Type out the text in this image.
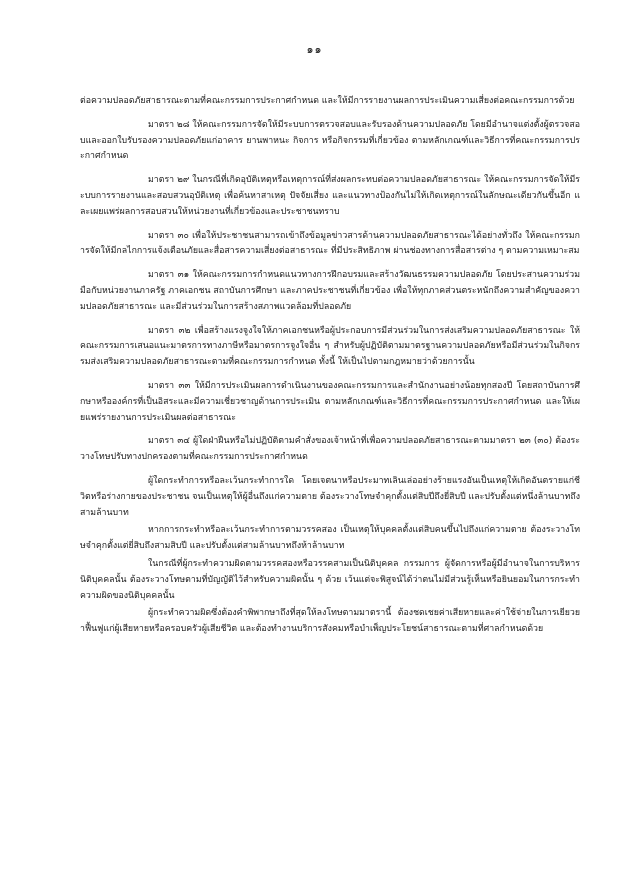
๑๑

ต่อความปลอดภัยสาธารณะตามที่คณะกรรมการประกาศกำหนด และให้มีการรายงานผลการประเมินความเสี่ยงต่อคณะกรรมการด้วย

มาตรา ๒๘ ให้คณะกรรมการจัดให้มีระบบการตรวจสอบและรับรองด้านความปลอดภัย โดยมีอำนาจแต่งตั้งผู้ตรวจสอบและออกใบรับรองความปลอดภัยแก่อาคาร ยานพาหนะ กิจการ หรือกิจกรรมที่เกี่ยวข้อง ตามหลักเกณฑ์และวิธีการที่คณะกรรมการประกาศกำหนด

มาตรา ๒๙ ในกรณีที่เกิดอุบัติเหตุหรือเหตุการณ์ที่ส่งผลกระทบต่อความปลอดภัยสาธารณะ ให้คณะกรรมการจัดให้มีระบบการรายงานและสอบสวนอุบัติเหตุ เพื่อค้นหาสาเหตุ ปัจจัยเสี่ยง และแนวทางป้องกันไม่ให้เกิดเหตุการณ์ในลักษณะเดียวกันขึ้นอีก และเผยแพร่ผลการสอบสวนให้หน่วยงานที่เกี่ยวข้องและประชาชนทราบ

มาตรา ๓๐ เพื่อให้ประชาชนสามารถเข้าถึงข้อมูลข่าวสารด้านความปลอดภัยสาธารณะได้อย่างทั่วถึง ให้คณะกรรมการจัดให้มีกลไกการแจ้งเตือนภัยและสื่อสารความเสี่ยงต่อสาธารณะ ที่มีประสิทธิภาพ ผ่านช่องทางการสื่อสารต่าง ๆ ตามความเหมาะสม

มาตรา ๓๑ ให้คณะกรรมการกำหนดแนวทางการฝึกอบรมและสร้างวัฒนธรรมความปลอดภัย โดยประสานความร่วมมือกับหน่วยงานภาครัฐ ภาคเอกชน สถาบันการศึกษา และภาคประชาชนที่เกี่ยวข้อง เพื่อให้ทุกภาคส่วนตระหนักถึงความสำคัญของความปลอดภัยสาธารณะ และมีส่วนร่วมในการสร้างสภาพแวดล้อมที่ปลอดภัย

มาตรา ๓๒ เพื่อสร้างแรงจูงใจให้ภาคเอกชนหรือผู้ประกอบการมีส่วนร่วมในการส่งเสริมความปลอดภัยสาธารณะ ให้คณะกรรมการเสนอแนะมาตรการทางภาษีหรือมาตรการจูงใจอื่น ๆ สำหรับผู้ปฏิบัติตามมาตรฐานความปลอดภัยหรือมีส่วนร่วมในกิจกรรมส่งเสริมความปลอดภัยสาธารณะตามที่คณะกรรมการกำหนด ทั้งนี้ ให้เป็นไปตามกฎหมายว่าด้วยการนั้น

มาตรา ๓๓ ให้มีการประเมินผลการดำเนินงานของคณะกรรมการและสำนักงานอย่างน้อยทุกสองปี โดยสถาบันการศึกษาหรือองค์กรที่เป็นอิสระและมีความเชี่ยวชาญด้านการประเมิน ตามหลักเกณฑ์และวิธีการที่คณะกรรมการประกาศกำหนด และให้เผยแพร่รายงานการประเมินผลต่อสาธารณะ

มาตรา ๓๔ ผู้ใดฝ่าฝืนหรือไม่ปฏิบัติตามคำสั่งของเจ้าหน้าที่เพื่อความปลอดภัยสาธารณะตามมาตรา ๒๓ (๓๐) ต้องระวางโทษปรับทางปกครองตามที่คณะกรรมการประกาศกำหนด

ผู้ใดกระทำการหรือละเว้นกระทำการใด โดยเจตนาหรือประมาทเลินเล่ออย่างร้ายแรงอันเป็นเหตุให้เกิดอันตรายแก่ชีวิตหรือร่างกายของประชาชน จนเป็นเหตุให้ผู้อื่นถึงแก่ความตาย ต้องระวางโทษจำคุกตั้งแต่สิบปีถึงยี่สิบปี และปรับตั้งแต่หนึ่งล้านบาทถึงสามล้านบาท

หากการกระทำหรือละเว้นกระทำการตามวรรคสอง เป็นเหตุให้บุคคลตั้งแต่สิบคนขึ้นไปถึงแก่ความตาย ต้องระวางโทษจำคุกตั้งแต่ยี่สิบถึงสามสิบปี และปรับตั้งแต่สามล้านบาทถึงห้าล้านบาท

ในกรณีที่ผู้กระทำความผิดตามวรรคสองหรือวรรคสามเป็นนิติบุคคล กรรมการ ผู้จัดการหรือผู้มีอำนาจในการบริหารนิติบุคคลนั้น ต้องระวางโทษตามที่บัญญัติไว้สำหรับความผิดนั้น ๆ ด้วย เว้นแต่จะพิสูจน์ได้ว่าตนไม่มีส่วนรู้เห็นหรือยินยอมในการกระทำความผิดของนิติบุคคลนั้น

ผู้กระทำความผิดซึ่งต้องคำพิพากษาถึงที่สุดให้ลงโทษตามมาตรานี้ ต้องชดเชยค่าเสียหายและค่าใช้จ่ายในการเยียวยาฟื้นฟูแก่ผู้เสียหายหรือครอบครัวผู้เสียชีวิต และต้องทำงานบริการสังคมหรือบำเพ็ญประโยชน์สาธารณะตามที่ศาลกำหนดด้วย
